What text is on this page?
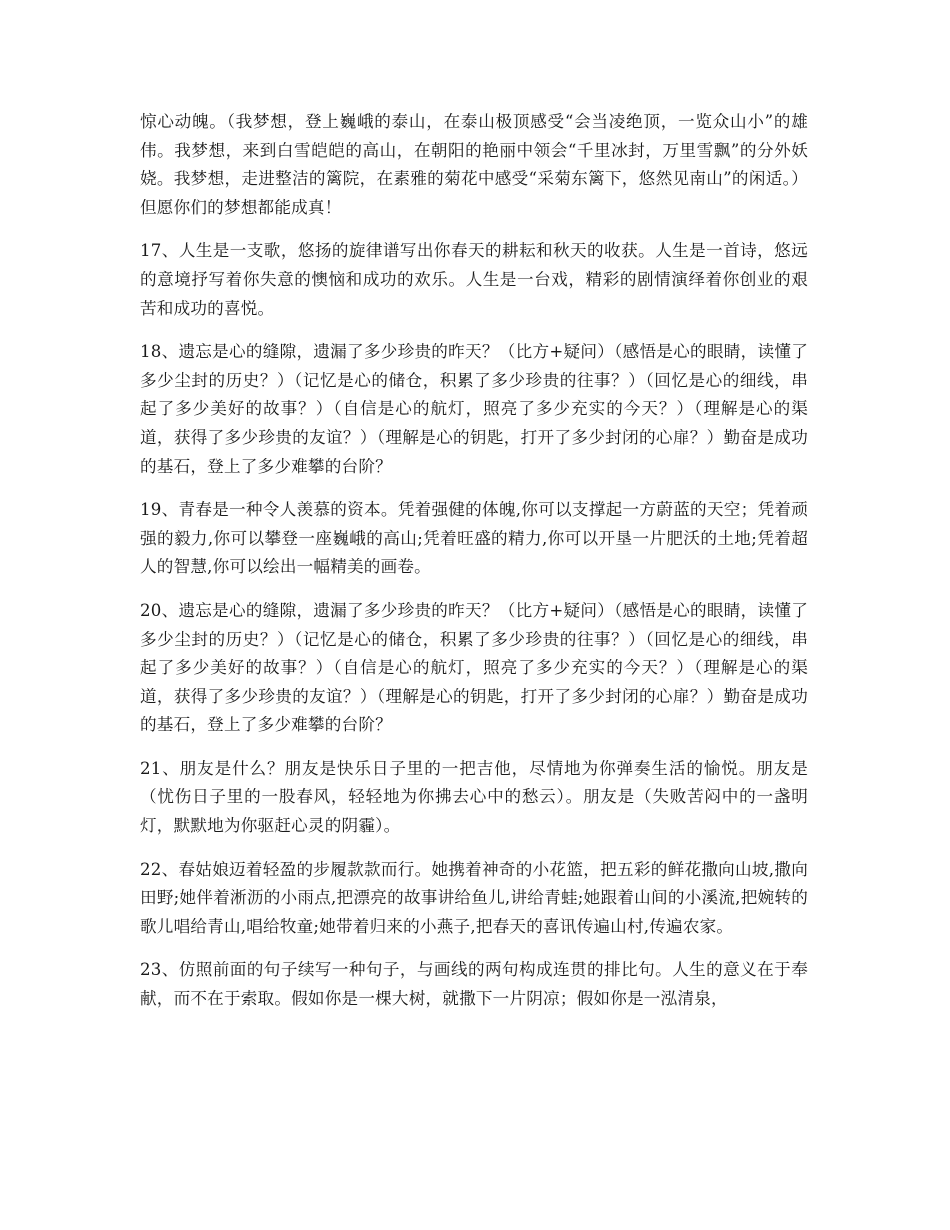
惊心动魄。（我梦想，登上巍峨的泰山，在泰山极顶感受“会当凌绝顶，一览众山小”的雄伟。我梦想，来到白雪皑皑的高山，在朝阳的艳丽中领会“千里冰封，万里雪飘”的分外妖娆。我梦想，走进整洁的篱院，在素雅的菊花中感受“采菊东篱下，悠然见南山”的闲适。）但愿你们的梦想都能成真！

17、人生是一支歌，悠扬的旋律谱写出你春天的耕耘和秋天的收获。人生是一首诗，悠远的意境抒写着你失意的懊恼和成功的欢乐。人生是一台戏，精彩的剧情演绎着你创业的艰苦和成功的喜悦。

18、遗忘是心的缝隙，遗漏了多少珍贵的昨天？（比方+疑问）（感悟是心的眼睛，读懂了多少尘封的历史？）（记忆是心的储仓，积累了多少珍贵的往事？）（回忆是心的细线，串起了多少美好的故事？）（自信是心的航灯，照亮了多少充实的今天？）（理解是心的渠道，获得了多少珍贵的友谊？）（理解是心的钥匙，打开了多少封闭的心扉？）勤奋是成功的基石，登上了多少难攀的台阶？

19、青春是一种令人羡慕的资本。凭着强健的体魄,你可以支撑起一方蔚蓝的天空；凭着顽强的毅力,你可以攀登一座巍峨的高山;凭着旺盛的精力,你可以开垦一片肥沃的土地;凭着超人的智慧,你可以绘出一幅精美的画卷。

20、遗忘是心的缝隙，遗漏了多少珍贵的昨天？（比方+疑问）（感悟是心的眼睛，读懂了多少尘封的历史？）（记忆是心的储仓，积累了多少珍贵的往事？）（回忆是心的细线，串起了多少美好的故事？）（自信是心的航灯，照亮了多少充实的今天？）（理解是心的渠道，获得了多少珍贵的友谊？）（理解是心的钥匙，打开了多少封闭的心扉？）勤奋是成功的基石，登上了多少难攀的台阶？

21、朋友是什么？朋友是快乐日子里的一把吉他，尽情地为你弹奏生活的愉悦。朋友是（忧伤日子里的一股春风，轻轻地为你拂去心中的愁云）。朋友是（失败苦闷中的一盏明灯，默默地为你驱赶心灵的阴霾）。

22、春姑娘迈着轻盈的步履款款而行。她携着神奇的小花篮，把五彩的鲜花撒向山坡,撒向田野;她伴着淅沥的小雨点,把漂亮的故事讲给鱼儿,讲给青蛙;她跟着山间的小溪流,把婉转的歌儿唱给青山,唱给牧童;她带着归来的小燕子,把春天的喜讯传遍山村,传遍农家。

23、仿照前面的句子续写一种句子，与画线的两句构成连贯的排比句。人生的意义在于奉献，而不在于索取。假如你是一棵大树，就撒下一片阴凉；假如你是一泓清泉，
